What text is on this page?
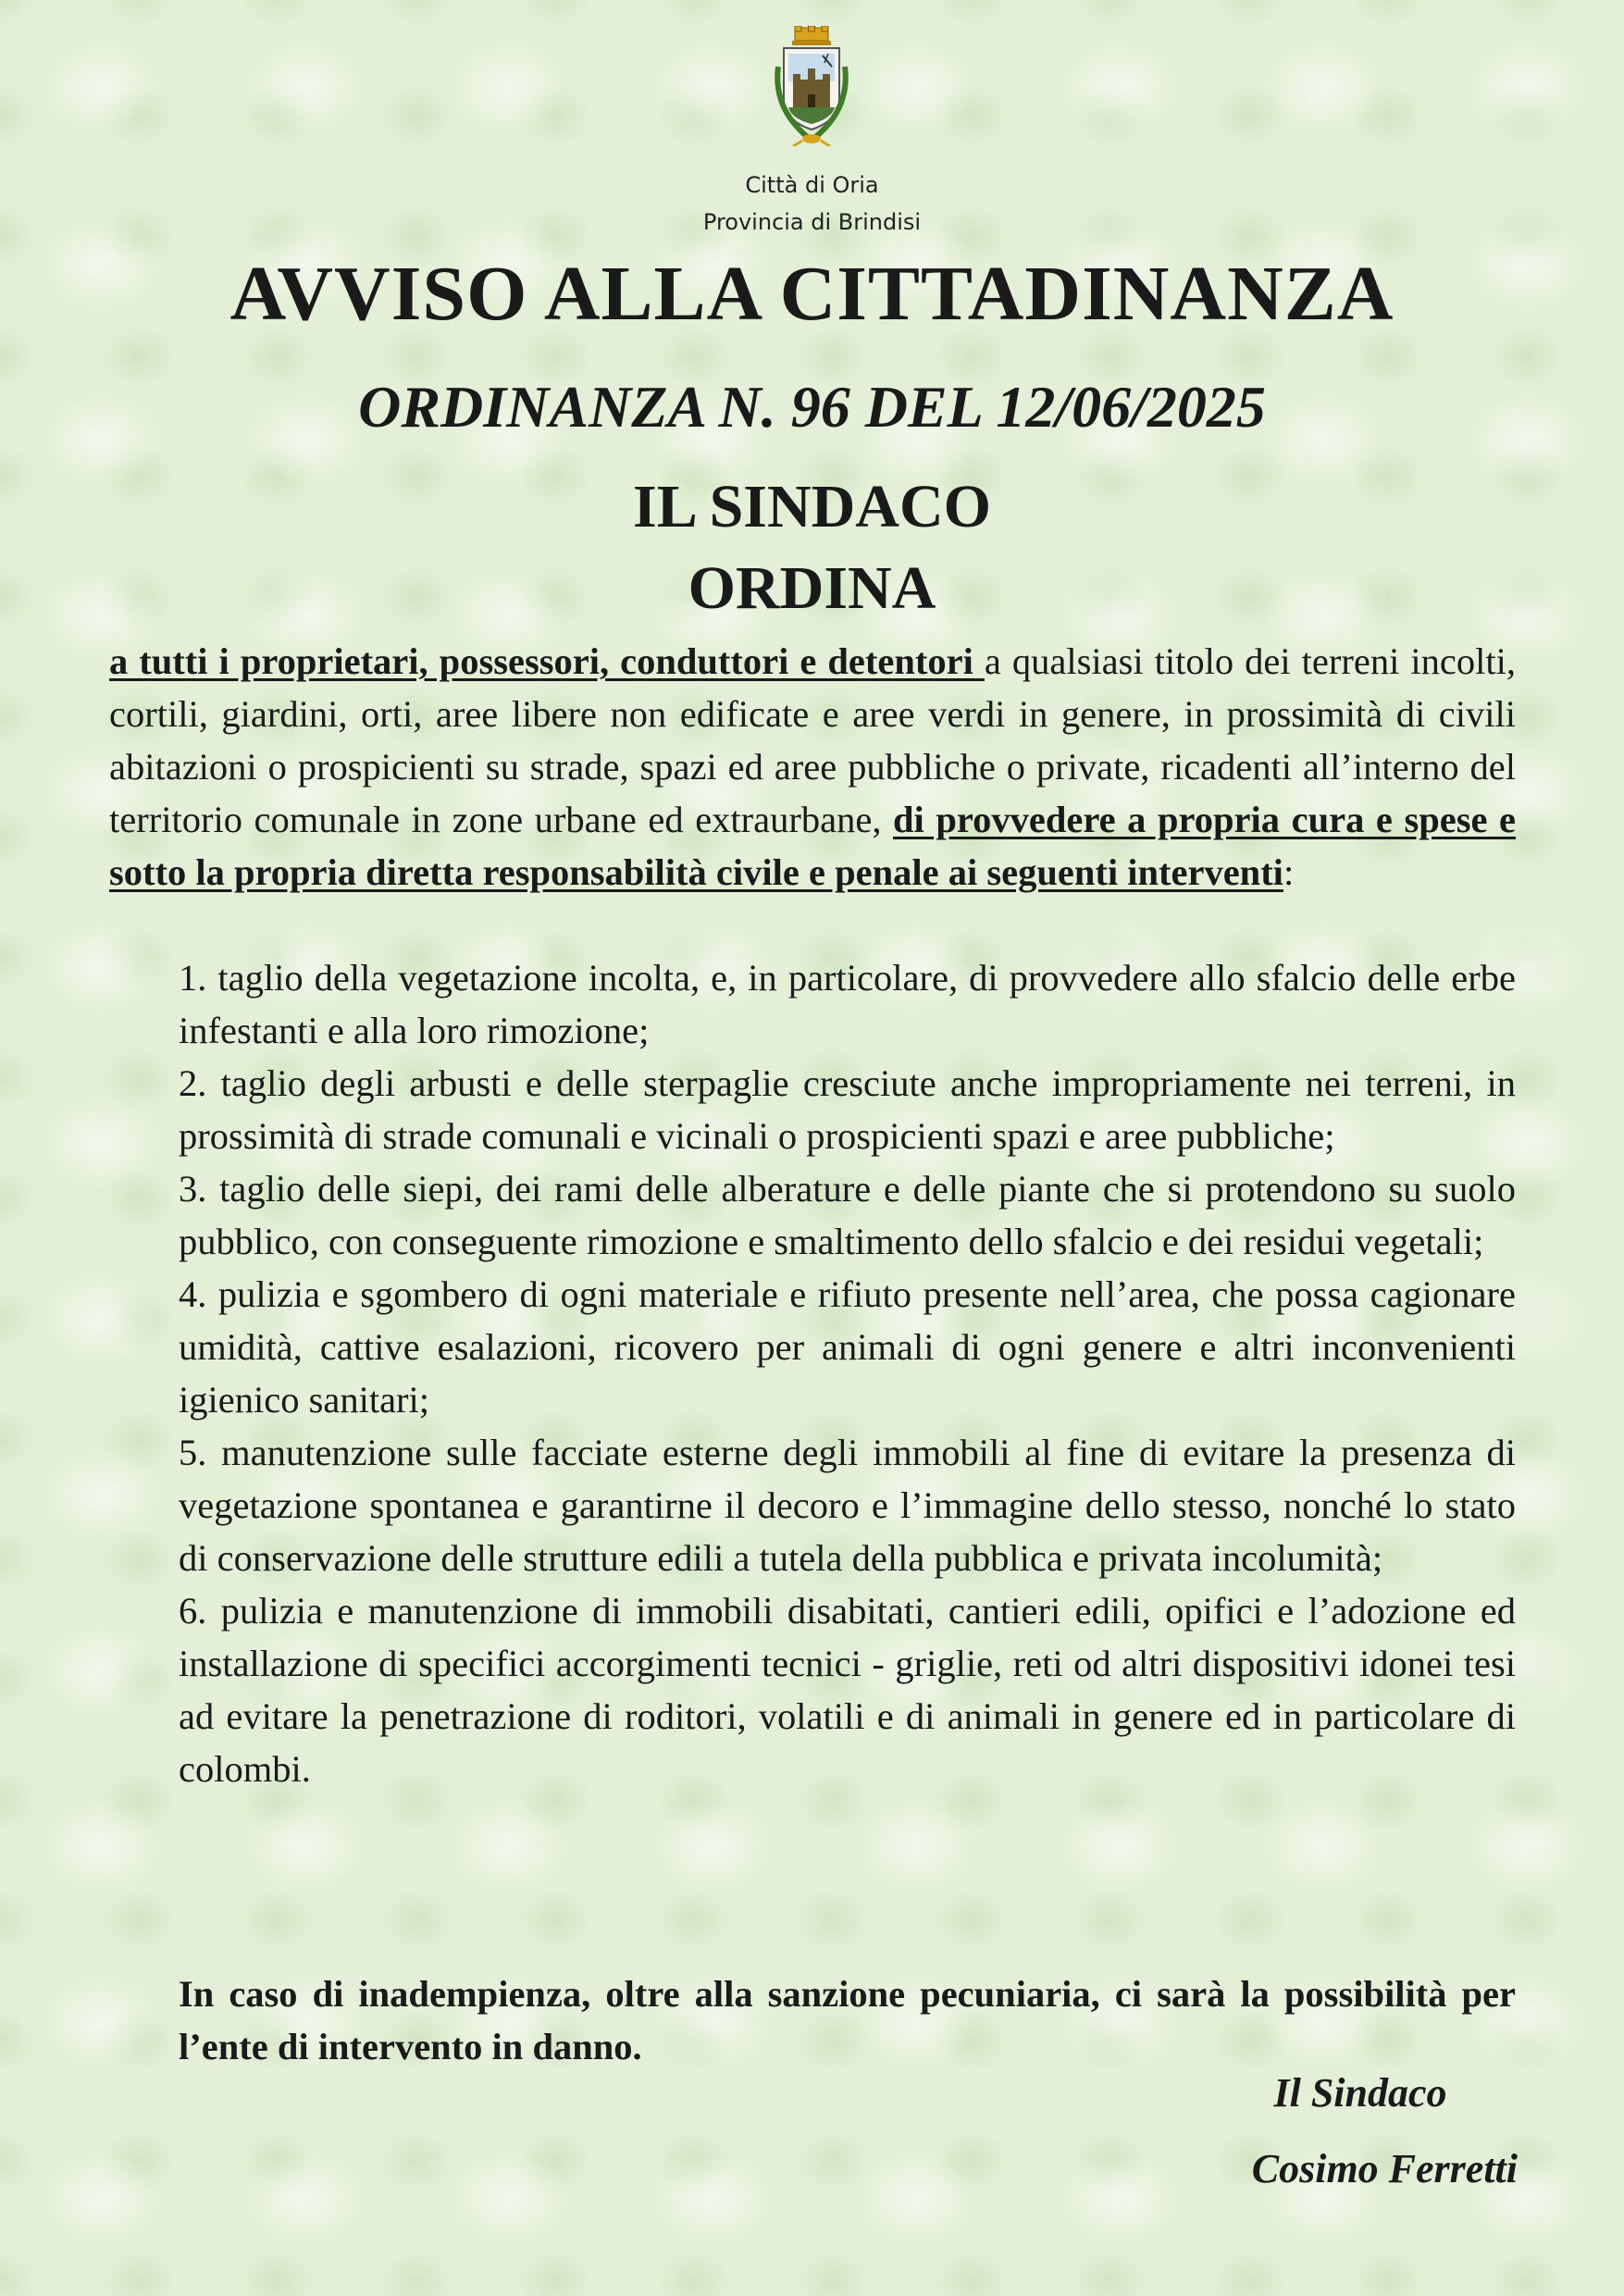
Città di Oria
Provincia di Brindisi
AVVISO ALLA CITTADINANZA
ORDINANZA N. 96 DEL 12/06/2025
IL SINDACO
ORDINA
a tutti i proprietari, possessori, conduttori e detentori a qualsiasi titolo dei terreni incolti, cortili, giardini, orti, aree libere non edificate e aree verdi in genere, in prossimità di civili abitazioni o prospicienti su strade, spazi ed aree pubbliche o private, ricadenti all’interno del territorio comunale in zone urbane ed extraurbane, di provvedere a propria cura e spese e sotto la propria diretta responsabilità civile e penale ai seguenti interventi:
1. taglio della vegetazione incolta, e, in particolare, di provvedere allo sfalcio delle erbe infestanti e alla loro rimozione;
2. taglio degli arbusti e delle sterpaglie cresciute anche impropriamente nei terreni, in prossimità di strade comunali e vicinali o prospicienti spazi e aree pubbliche;
3. taglio delle siepi, dei rami delle alberature e delle piante che si protendono su suolo pubblico, con conseguente rimozione e smaltimento dello sfalcio e dei residui vegetali;
4. pulizia e sgombero di ogni materiale e rifiuto presente nell’area, che possa cagionare umidità, cattive esalazioni, ricovero per animali di ogni genere e altri inconvenienti igienico sanitari;
5. manutenzione sulle facciate esterne degli immobili al fine di evitare la presenza di vegetazione spontanea e garantirne il decoro e l’immagine dello stesso, nonché lo stato di conservazione delle strutture edili a tutela della pubblica e privata incolumità;
6. pulizia e manutenzione di immobili disabitati, cantieri edili, opifici e l’adozione ed installazione di specifici accorgimenti tecnici - griglie, reti od altri dispositivi idonei tesi ad evitare la penetrazione di roditori, volatili e di animali in genere ed in particolare di colombi.
In caso di inadempienza, oltre alla sanzione pecuniaria, ci sarà la possibilità per l’ente di intervento in danno.
Il Sindaco
Cosimo Ferretti
